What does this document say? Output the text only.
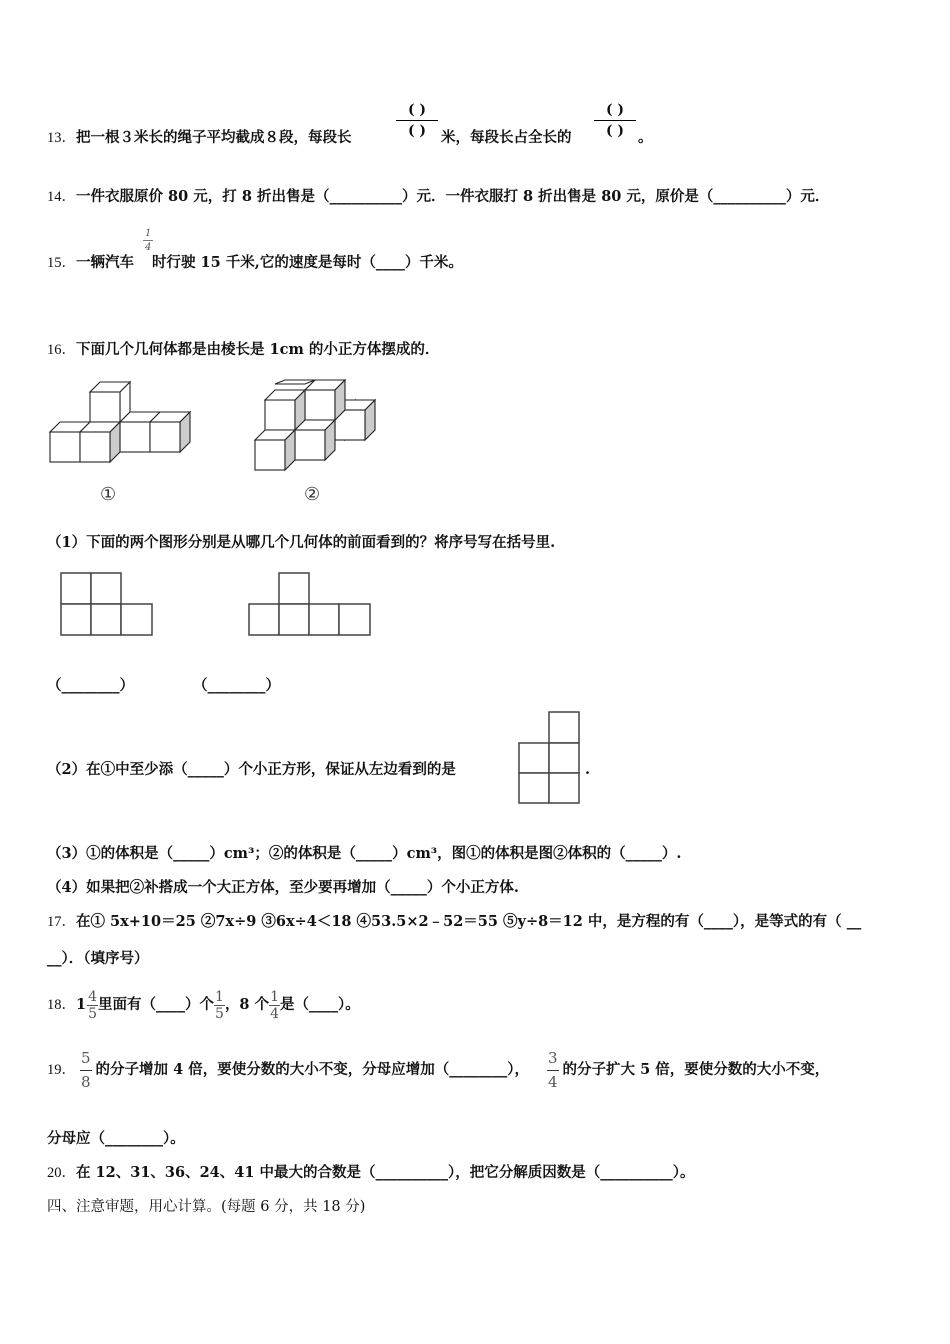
( )
( )
( )
( )
13．把一根３米长的绳子平均截成８段，每段长	米，每段长占全长的	。
14．一件衣服原价 80 元，打 8 折出售是（__________）元．一件衣服打 8 折出售是 80 元，原价是（__________）元．
$\frac{1}{4}$
15．一辆汽车 时行驶 15 千米,它的速度是每时（____）千米。
16．下面几个几何体都是由棱长是 1cm 的小正方体摆成的．
①	②
（1）下面的两个图形分别是从哪几个几何体的前面看到的？将序号写在括号里.
（________）	（________）
（2）在①中至少添（_____）个小正方形，保证从左边看到的是	.
（3）①的体积是（_____）cm³；②的体积是（_____）cm³，图①的体积是图②体积的（_____）.
（4）如果把②补搭成一个大正方体，至少要再增加（_____）个小正方体.
17．在① 5x+10＝25 ②7x÷9 ③6x÷4＜18 ④53.5×2﹣52＝55 ⑤y÷8＝12 中，是方程的有（____），是等式的有（ __
__）．（填序号）
18．$1 \frac{4}{5}$ 里面有（____）个 $\frac{1}{5}$ ，8 个 $\frac{1}{4}$ 是（____）。
19． $\frac{5}{8}$ 的分子增加 4 倍，要使分数的大小不变，分母应增加（________）， $\frac{3}{4}$ 的分子扩大 5 倍，要使分数的大小不变，
分母应（________）。
20．在 12、31、36、24、41 中最大的合数是（__________），把它分解质因数是（__________）。
四、注意审题，用心计算。(每题 6 分，共 18 分)
